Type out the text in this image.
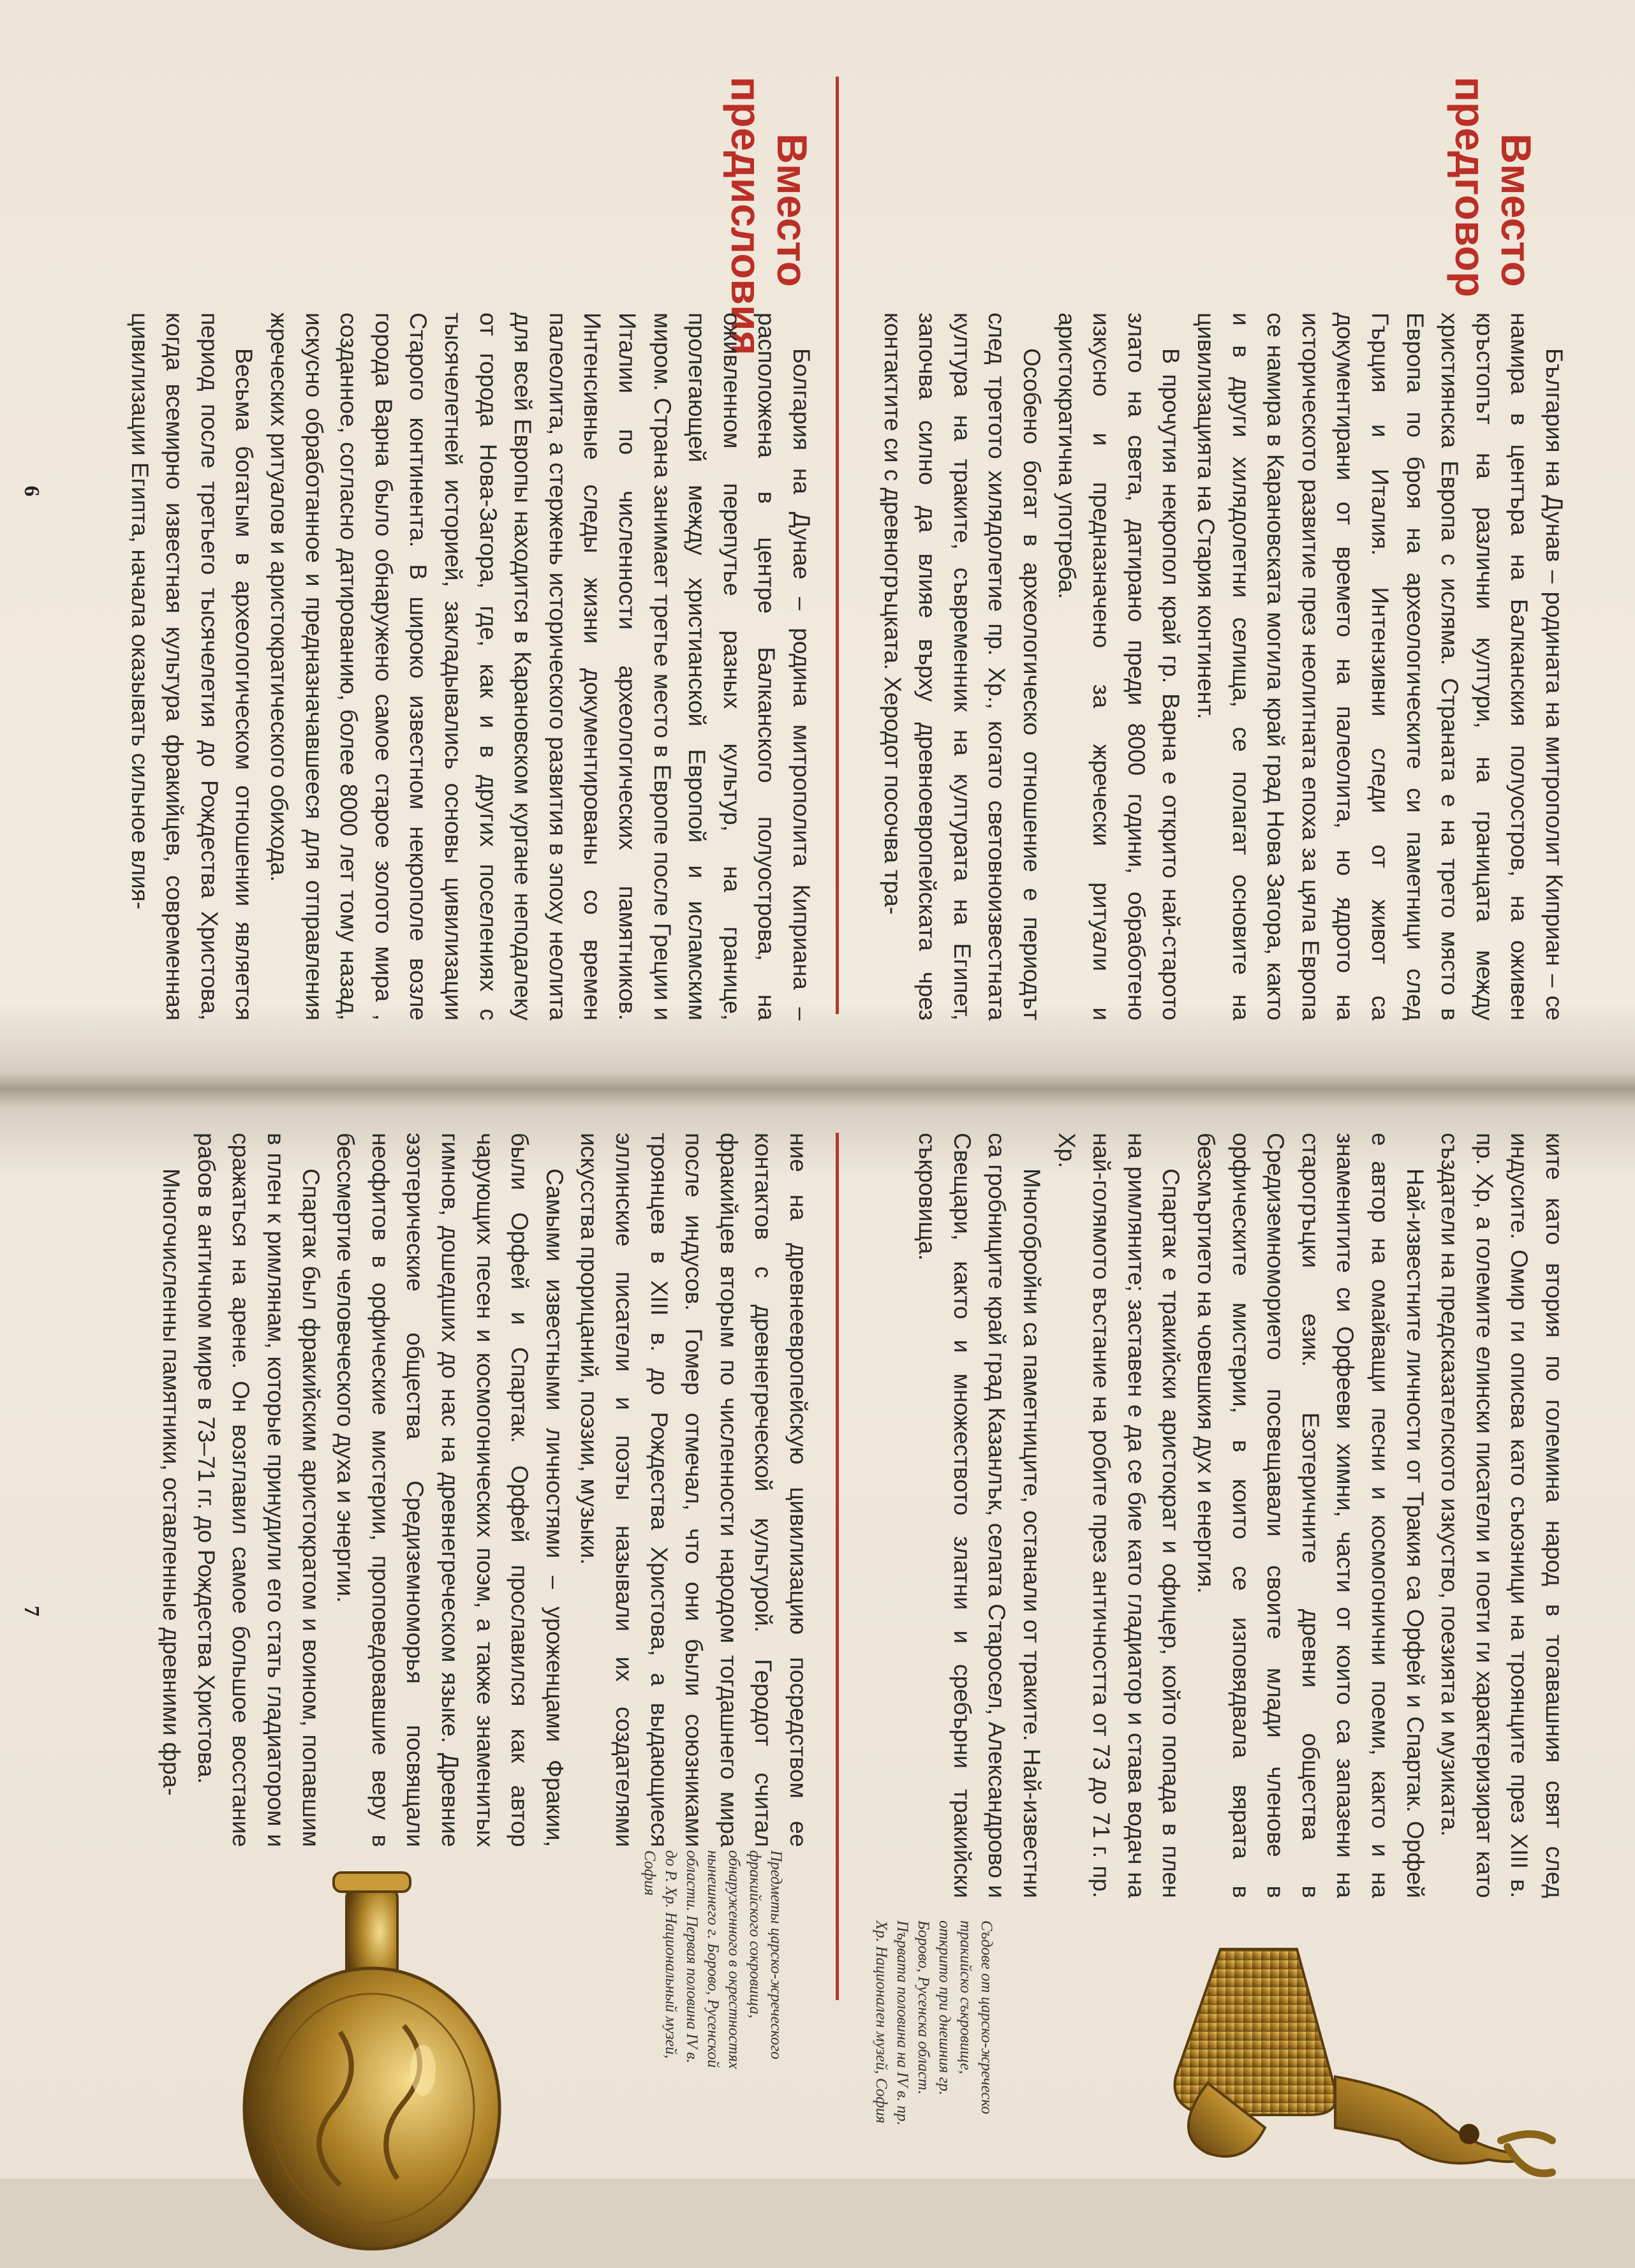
Вместо
предговор

България на Дунав – родината на митрополит Киприан – се намира в центъра на Балканския полуостров, на оживен кръстопът на различни култури, на границата между християнска Европа с исляма. Страната е на трето място в Европа по броя на археологическите си паметници след Гърция и Италия. Интензивни следи от живот са документирани от времето на палеолита, но ядрото на историческото развитие през неолитната епоха за цяла Европа се намира в Карановската могила край град Нова Загора, както и в други хилядолетни селища, се полагат основите на цивилизацията на Стария континент.

В прочутия некропол край гр. Варна е открито най-старото злато на света, датирано преди 8000 години, обработено изкусно и предназначено за жречески ритуали и аристократична употреба.

Особено богат в археологическо отношение е периодът след третото хилядолетие пр. Хр., когато световноизвестната култура на траките, съвременник на културата на Египет, започва силно да влияе върху древноевропейската чрез контактите си с древногръцката. Херодот посочва тра-

Вместо
предисловия

Болгария на Дунае – родина митрополита Киприана – расположена в центре Балканского полуострова, на оживленном перепутье разных культур, на границе, пролегающей между христианской Европой и исламским миром. Страна занимает третье место в Европе после Греции и Италии по численности археологических памятников. Интенсивные следы жизни документированы со времен палеолита, а стержень исторического развития в эпоху неолита для всей Европы находится в Карановском кургане неподалеку от города Нова-Загора, где, как и в других поселениях с тысячелетней историей, закладывались основы цивилизации Старого континента. В широко известном некрополе возле города Варна было обнаружено самое старое золото мира , созданное, согласно датированию, более 8000 лет тому назад, искусно обработанное и предназначавшееся для отправления жреческих ритуалов и аристократического обихода.

Весьма богатым в археологическом отношении является период после третьего тысячелетия до Рождества Христова, когда всемирно известная культура фракийцев, современная цивилизации Египта, начала оказывать сильное влия-

6

ките като втория по големина народ в тогавашния свят след индусите. Омир ги описва като съюзници на троянците през XIII в. пр. Хр, а големите елински писатели и поети ги характеризират като създатели на предсказателското изкуство, поезията и музиката.

Най-известните личности от Тракия са Орфей и Спартак. Орфей е автор на омайващи песни и космогонични поеми, както и на знаменитите си Орфееви химни, части от които са запазени на старогръцки език. Езотеричните древни общества в Средиземноморието посвещавали своите млади членове в орфическите мистерии, в които се изповядвала вярата в безсмъртието на човешкия дух и енергия.

Спартак е тракийски аристократ и офицер, който попада в плен на римляните; заставен е да се бие като гладиатор и става водач на най-голямото въстание на робите през античността от 73 до 71 г. пр. Хр.

Многобройни са паметниците, останали от траките. Най-известни са гробниците край град Казанлък, селата Старосел, Александрово и Свещари, както и множеството златни и сребърни тракийски съкровища.

Съдове от царско-жреческо тракийско съкровище, открито при днешния гр. Борово, Русенска област. Първата половина на IV в. пр. Хр. Национален музей, София

ние на древнеевропейскую цивилизацию посредством ее контактов с древнегреческой культурой. Геродот считал фракийцев вторым по численности народом тогдашнего мира после индусов. Гомер отмечал, что они были союзниками троянцев в XIII в. до Рождества Христова, а выдающиеся эллинские писатели и поэты называли их создателями искусства прорицаний, поэзии, музыки.

Самыми известными личностями – уроженцами Фракии, были Орфей и Спартак. Орфей прославился как автор чарующих песен и космогонических поэм, а также знаменитых гимнов, дошедших до нас на древнегреческом языке. Древние эзотерические общества Средиземноморья посвящали неофитов в орфические мистерии, проповедовавшие веру в бессмертие человеческого духа и энергии.

Спартак был фракийским аристократом и воином, попавшим в плен к римлянам, которые принудили его стать гладиатором и сражаться на арене. Он возглавил самое большое восстание рабов в античном мире в 73–71 гг. до Рождества Христова.

Многочисленны памятники, оставленные древними фра-

Предметы царско-жреческого фракийского сокровища, обнаруженного в окрестностях нынешнего г. Борово, Русенской области. Первая половина IV в. до Р. Хр. Национальный музей, София
7
